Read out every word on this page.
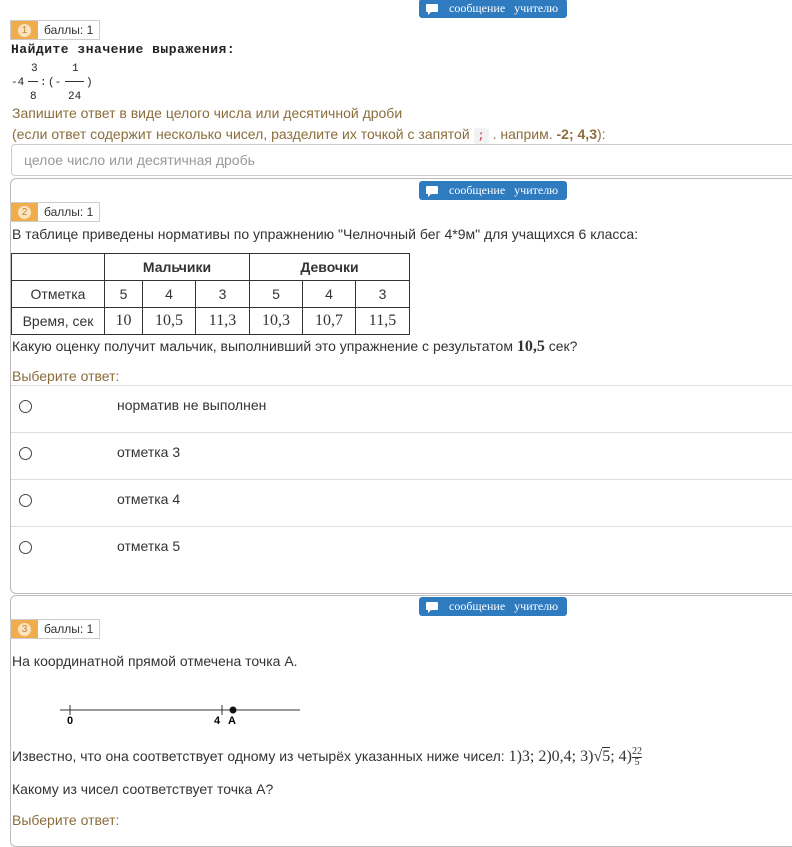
сообщение учителю
1	баллы: 1
Найдите значение выражения:
3
-4 : (-
1
)
8	24
Запишите ответ в виде целого числа или десятичной дроби
(если ответ содержит несколько чисел, разделите их точкой с запятой ; . наприм. -2; 4,3):
целое число или десятичная дробь
сообщение учителю
2	баллы: 1
В таблице приведены нормативы по упражнению "Челночный бег 4*9м" для учащихся 6 класса:
	Мальчики			Девочки		
Отметка	5	4	3	5	4	3
Время, сек	10	10,5	11,3	10,3	10,7	11,5
Какую оценку получит мальчик, выполнивший это упражнение с результатом 10,5 сек?
Выберите ответ:
норматив не выполнен
отметка 3
отметка 4
отметка 5
сообщение учителю
3	баллы: 1
На координатной прямой отмечена точка А.
0	4 A
Известно, что она соответствует одному из четырёх указанных ниже чисел: 1)3; 2)0,4; 3)√5; $4) \frac{22}{5}$
Какому из чисел соответствует точка А?
Выберите ответ:
